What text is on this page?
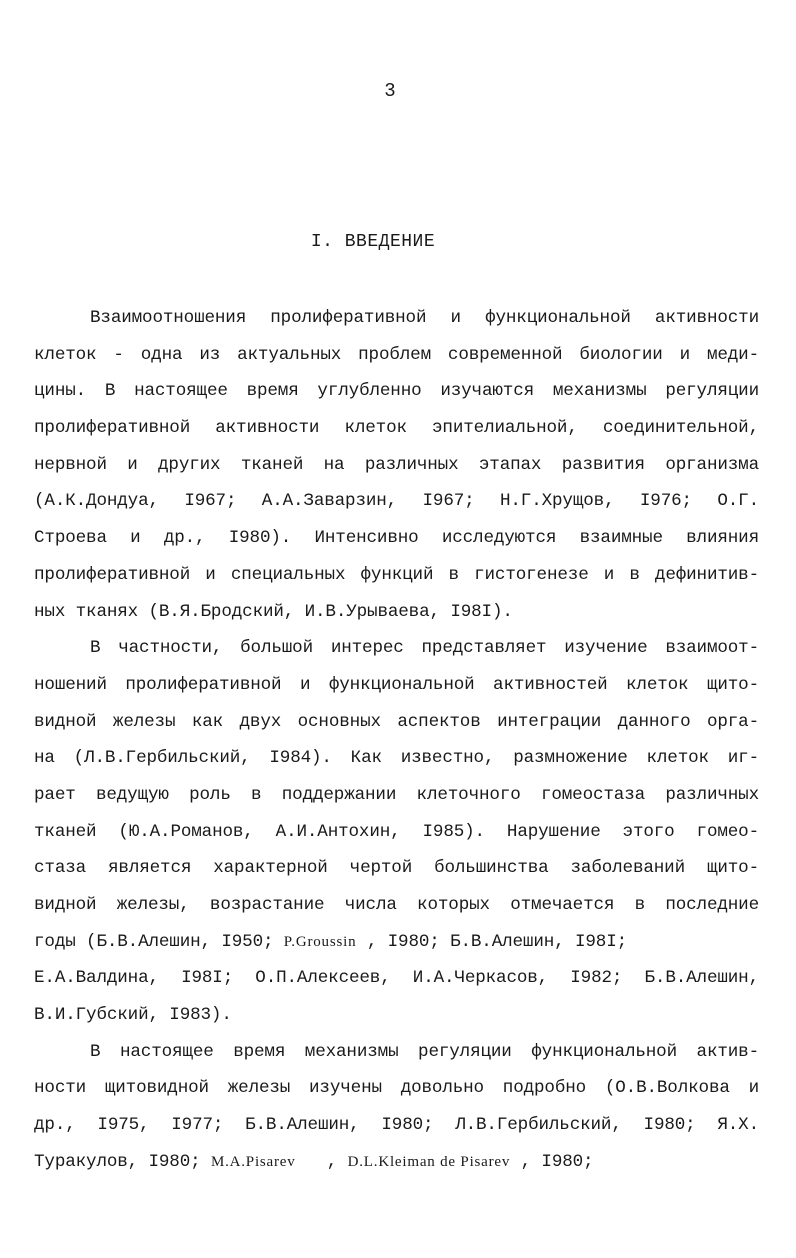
3
I. ВВЕДЕНИЕ
Взаимоотношения пролиферативной и функциональной активности
клеток - одна из актуальных проблем современной биологии и меди-
цины. В настоящее время углубленно изучаются механизмы регуляции
пролиферативной активности клеток эпителиальной, соединительной,
нервной и других тканей на различных этапах развития организма
(А.К.Дондуа, I967; А.А.Заварзин, I967; Н.Г.Хрущов, I976; О.Г.
Строева и др., I980). Интенсивно исследуются взаимные влияния
пролиферативной и специальных функций в гистогенезе и в дефинитив-
ных тканях (В.Я.Бродский, И.В.Урываева, I98I).
В частности, большой интерес представляет изучение взаимоот-
ношений пролиферативной и функциональной активностей клеток щито-
видной железы как двух основных аспектов интеграции данного орга-
на (Л.В.Гербильский, I984). Как известно, размножение клеток иг-
рает ведущую роль в поддержании клеточного гомеостаза различных
тканей (Ю.А.Романов, А.И.Антохин, I985). Нарушение этого гомео-
стаза является характерной чертой большинства заболеваний щито-
видной железы, возрастание числа которых отмечается в последние
годы (Б.В.Алешин, I950; P.Groussin , I980; Б.В.Алешин, I98I;
Е.А.Валдина, I98I; О.П.Алексеев, И.А.Черкасов, I982; Б.В.Алешин,
В.И.Губский, I983).
В настоящее время механизмы регуляции функциональной актив-
ности щитовидной железы изучены довольно подробно (О.В.Волкова и
др., I975, I977; Б.В.Алешин, I980; Л.В.Гербильский, I980; Я.Х.
Туракулов, I980; M.A.Pisarev   , D.L.Kleiman de Pisarev , I980;
